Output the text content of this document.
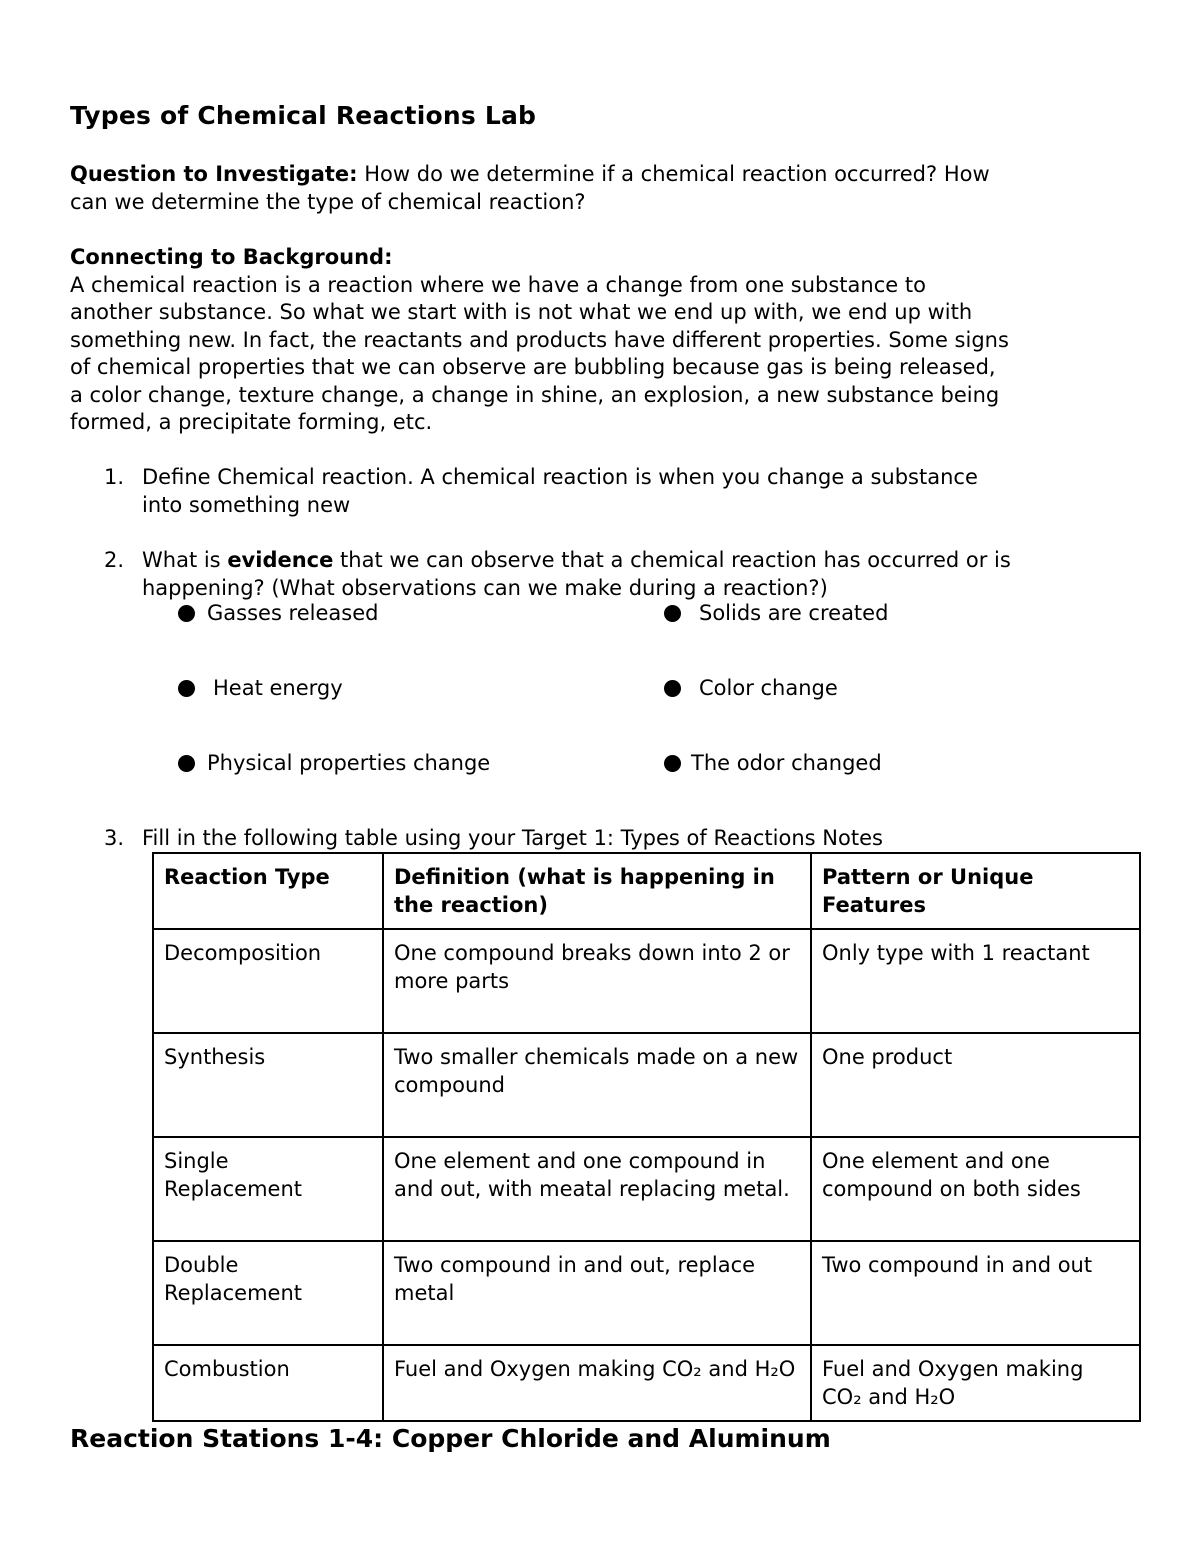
Types of Chemical Reactions Lab
Question to Investigate: How do we determine if a chemical reaction occurred? How
can we determine the type of chemical reaction?
Connecting to Background:
A chemical reaction is a reaction where we have a change from one substance to
another substance. So what we start with is not what we end up with, we end up with
something new. In fact, the reactants and products have different properties. Some signs
of chemical properties that we can observe are bubbling because gas is being released,
a color change, texture change, a change in shine, an explosion, a new substance being
formed, a precipitate forming, etc.
1. Define Chemical reaction. A chemical reaction is when you change a substance
into something new
2. What is evidence that we can observe that a chemical reaction has occurred or is
happening? (What observations can we make during a reaction?)
Gasses released	Solids are created
Heat energy	Color change
Physical properties change	The odor changed
3. Fill in the following table using your Target 1: Types of Reactions Notes
Reaction Type	Definition (what is happening in the reaction)	Pattern or Unique Features
Decomposition	One compound breaks down into 2 or more parts	Only type with 1 reactant
Synthesis	Two smaller chemicals made on a new compound	One product
Single Replacement	One element and one compound in and out, with meatal replacing metal.	One element and one compound on both sides
Double Replacement	Two compound in and out, replace metal	Two compound in and out
Combustion	Fuel and Oxygen making CO₂ and H₂O	Fuel and Oxygen making CO₂ and H₂O
Reaction Stations 1-4: Copper Chloride and Aluminum
